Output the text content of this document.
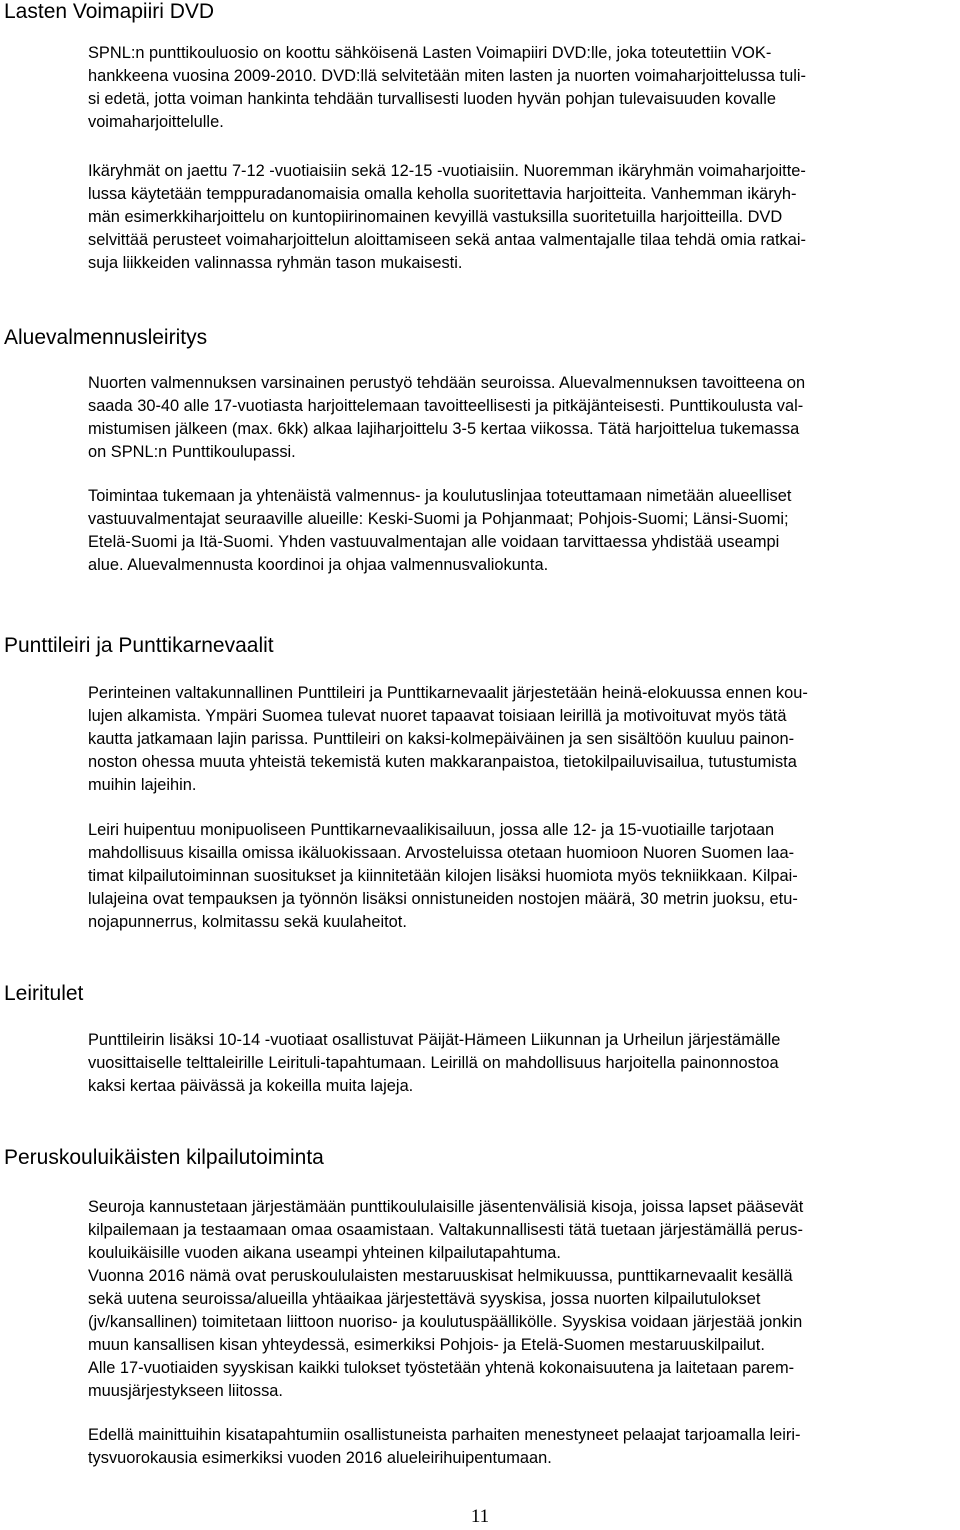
Lasten Voimapiiri DVD

SPNL:n punttikouluosio on koottu sähköisenä Lasten Voimapiiri DVD:lle, joka toteutettiin VOK-
hankkeena vuosina 2009-2010. DVD:llä selvitetään miten lasten ja nuorten voimaharjoittelussa tuli-
si edetä, jotta voiman hankinta tehdään turvallisesti luoden hyvän pohjan tulevaisuuden kovalle
voimaharjoittelulle.

Ikäryhmät on jaettu 7-12 -vuotiaisiin sekä 12-15 -vuotiaisiin. Nuoremman ikäryhmän voimaharjoitte-
lussa käytetään temppuradanomaisia omalla keholla suoritettavia harjoitteita. Vanhemman ikäryh-
män esimerkkiharjoittelu on kuntopiirinomainen kevyillä vastuksilla suoritetuilla harjoitteilla. DVD
selvittää perusteet voimaharjoittelun aloittamiseen sekä antaa valmentajalle tilaa tehdä omia ratkai-
suja liikkeiden valinnassa ryhmän tason mukaisesti.

Aluevalmennusleiritys

Nuorten valmennuksen varsinainen perustyö tehdään seuroissa. Aluevalmennuksen tavoitteena on
saada 30-40 alle 17-vuotiasta harjoittelemaan tavoitteellisesti ja pitkäjänteisesti. Punttikoulusta val-
mistumisen jälkeen (max. 6kk) alkaa lajiharjoittelu 3-5 kertaa viikossa. Tätä harjoittelua tukemassa
on SPNL:n Punttikoulupassi.

Toimintaa tukemaan ja yhtenäistä valmennus- ja koulutuslinjaa toteuttamaan nimetään alueelliset
vastuuvalmentajat seuraaville alueille: Keski-Suomi ja Pohjanmaat; Pohjois-Suomi; Länsi-Suomi;
Etelä-Suomi ja Itä-Suomi. Yhden vastuuvalmentajan alle voidaan tarvittaessa yhdistää useampi
alue. Aluevalmennusta koordinoi ja ohjaa valmennusvaliokunta.

Punttileiri ja Punttikarnevaalit

Perinteinen valtakunnallinen Punttileiri ja Punttikarnevaalit järjestetään heinä-elokuussa ennen kou-
lujen alkamista. Ympäri Suomea tulevat nuoret tapaavat toisiaan leirillä ja motivoituvat myös tätä
kautta jatkamaan lajin parissa. Punttileiri on kaksi-kolmepäiväinen ja sen sisältöön kuuluu painon-
noston ohessa muuta yhteistä tekemistä kuten makkaranpaistoa, tietokilpailuvisailua, tutustumista
muihin lajeihin.

Leiri huipentuu monipuoliseen Punttikarnevaalikisailuun, jossa alle 12- ja 15-vuotiaille tarjotaan
mahdollisuus kisailla omissa ikäluokissaan. Arvosteluissa otetaan huomioon Nuoren Suomen laa-
timat kilpailutoiminnan suositukset ja kiinnitetään kilojen lisäksi huomiota myös tekniikkaan. Kilpai-
lulajeina ovat tempauksen ja työnnön lisäksi onnistuneiden nostojen määrä, 30 metrin juoksu, etu-
nojapunnerrus, kolmitassu sekä kuulaheitot.

Leiritulet

Punttileirin lisäksi 10-14 -vuotiaat osallistuvat Päijät-Hämeen Liikunnan ja Urheilun järjestämälle
vuosittaiselle telttaleirille Leirituli-tapahtumaan. Leirillä on mahdollisuus harjoitella painonnostoa
kaksi kertaa päivässä ja kokeilla muita lajeja.

Peruskouluikäisten kilpailutoiminta

Seuroja kannustetaan järjestämään punttikoululaisille jäsentenvälisiä kisoja, joissa lapset pääsevät
kilpailemaan ja testaamaan omaa osaamistaan. Valtakunnallisesti tätä tuetaan järjestämällä perus-
kouluikäisille vuoden aikana useampi yhteinen kilpailutapahtuma.
Vuonna 2016 nämä ovat peruskoululaisten mestaruuskisat helmikuussa, punttikarnevaalit kesällä
sekä uutena seuroissa/alueilla yhtäaikaa järjestettävä syyskisa, jossa nuorten kilpailutulokset
(jv/kansallinen) toimitetaan liittoon nuoriso- ja koulutuspäällikölle. Syyskisa voidaan järjestää jonkin
muun kansallisen kisan yhteydessä, esimerkiksi Pohjois- ja Etelä-Suomen mestaruuskilpailut.
Alle 17-vuotiaiden syyskisan kaikki tulokset työstetään yhtenä kokonaisuutena ja laitetaan parem-
muusjärjestykseen liitossa.

Edellä mainittuihin kisatapahtumiin osallistuneista parhaiten menestyneet pelaajat tarjoamalla leiri-
tysvuorokausia esimerkiksi vuoden 2016 alueleirihuipentumaan.

11
